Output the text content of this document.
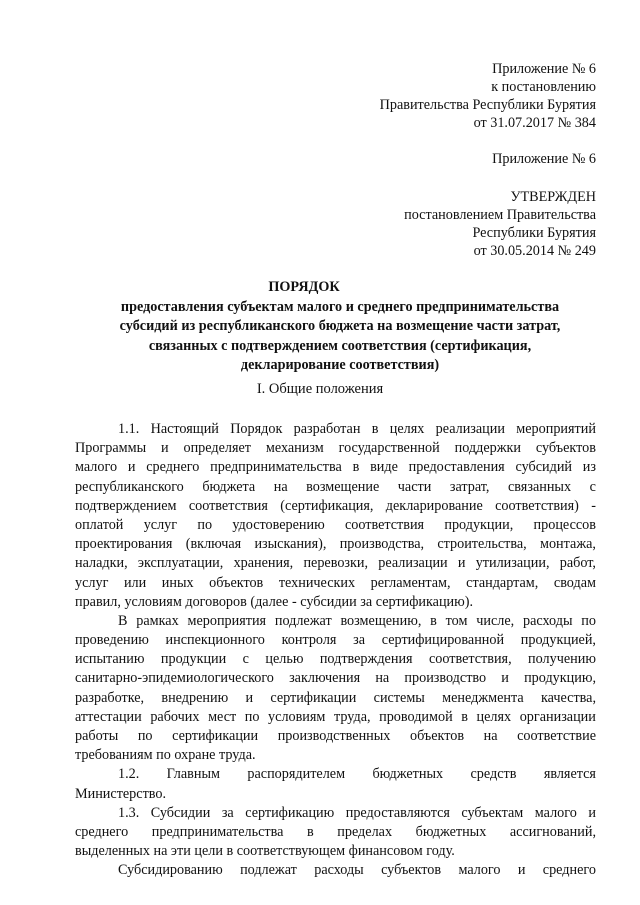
Приложение № 6
к постановлению
Правительства Республики Бурятия
от 31.07.2017 № 384
Приложение № 6
УТВЕРЖДЕН
постановлением Правительства
Республики Бурятия
от 30.05.2014 № 249
ПОРЯДОК
предоставления субъектам малого и среднего предпринимательства
субсидий из республиканского бюджета на возмещение части затрат,
связанных с подтверждением соответствия (сертификация,
декларирование соответствия)
I. Общие положения
1.1. Настоящий Порядок разработан в целях реализации мероприятий
Программы и определяет механизм государственной поддержки субъектов
малого и среднего предпринимательства в виде предоставления субсидий из
республиканского бюджета на возмещение части затрат, связанных с
подтверждением соответствия (сертификация, декларирование соответствия) -
оплатой услуг по удостоверению соответствия продукции, процессов
проектирования (включая изыскания), производства, строительства, монтажа,
наладки, эксплуатации, хранения, перевозки, реализации и утилизации, работ,
услуг или иных объектов технических регламентам, стандартам, сводам
правил, условиям договоров (далее - субсидии за сертификацию).
В рамках мероприятия подлежат возмещению, в том числе, расходы по
проведению инспекционного контроля за сертифицированной продукцией,
испытанию продукции с целью подтверждения соответствия, получению
санитарно-эпидемиологического заключения на производство и продукцию,
разработке, внедрению и сертификации системы менеджмента качества,
аттестации рабочих мест по условиям труда, проводимой в целях организации
работы по сертификации производственных объектов на соответствие
требованиям по охране труда.
1.2. Главным распорядителем бюджетных средств является
Министерство.
1.3. Субсидии за сертификацию предоставляются субъектам малого и
среднего предпринимательства в пределах бюджетных ассигнований,
выделенных на эти цели в соответствующем финансовом году.
Субсидированию подлежат расходы субъектов малого и среднего
